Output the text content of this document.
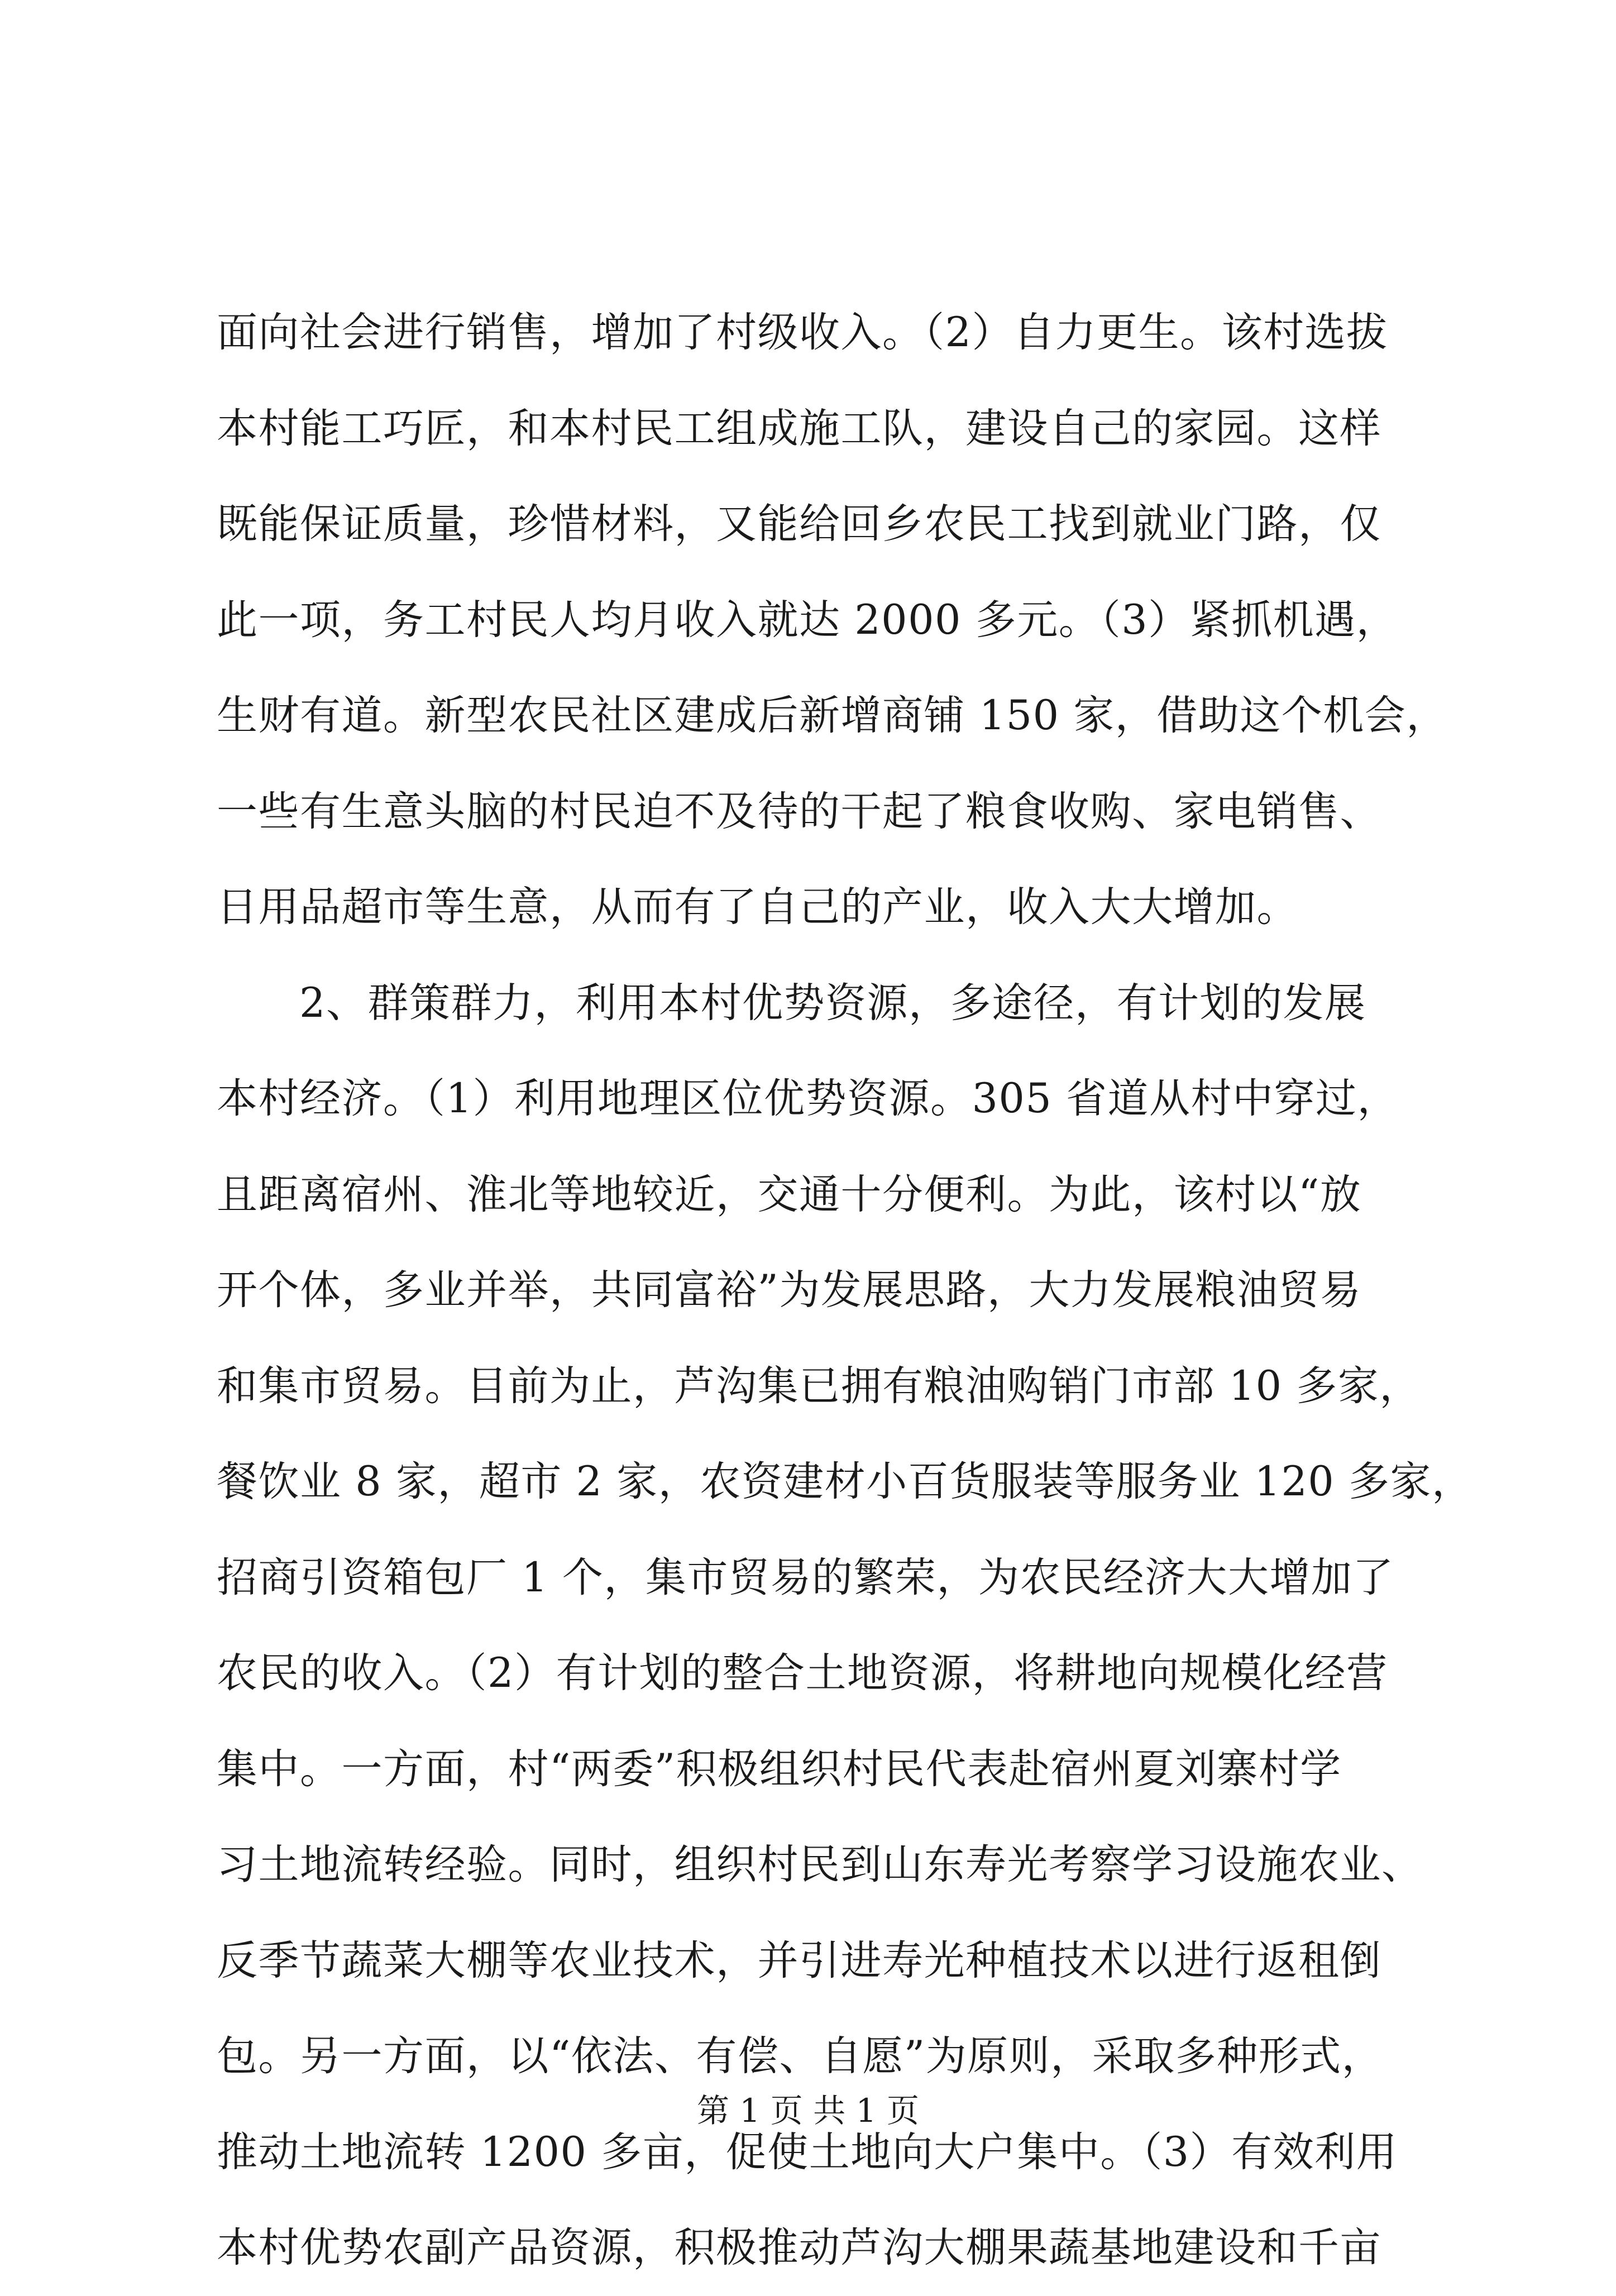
面向社会进行销售，增加了村级收入。（2）自力更生。该村选拔
本村能工巧匠，和本村民工组成施工队，建设自己的家园。这样
既能保证质量，珍惜材料，又能给回乡农民工找到就业门路，仅
此一项，务工村民人均月收入就达 2000 多元。（3）紧抓机遇，
生财有道。新型农民社区建成后新增商铺 150 家，借助这个机会，
一些有生意头脑的村民迫不及待的干起了粮食收购、家电销售、
日用品超市等生意，从而有了自己的产业，收入大大增加。
2、群策群力，利用本村优势资源，多途径，有计划的发展
本村经济。（1）利用地理区位优势资源。305 省道从村中穿过，
且距离宿州、淮北等地较近，交通十分便利。为此，该村以“放
开个体，多业并举，共同富裕”为发展思路，大力发展粮油贸易
和集市贸易。目前为止，芦沟集已拥有粮油购销门市部 10 多家，
餐饮业 8 家，超市 2 家，农资建材小百货服装等服务业 120 多家，
招商引资箱包厂 1 个，集市贸易的繁荣，为农民经济大大增加了
农民的收入。（2）有计划的整合土地资源，将耕地向规模化经营
集中。一方面，村“两委”积极组织村民代表赴宿州夏刘寨村学
习土地流转经验。同时，组织村民到山东寿光考察学习设施农业、
反季节蔬菜大棚等农业技术，并引进寿光种植技术以进行返租倒
包。另一方面，以“依法、有偿、自愿”为原则，采取多种形式，
推动土地流转 1200 多亩，促使土地向大户集中。（3）有效利用
本村优势农副产品资源，积极推动芦沟大棚果蔬基地建设和千亩
第 1 页 共 1 页
